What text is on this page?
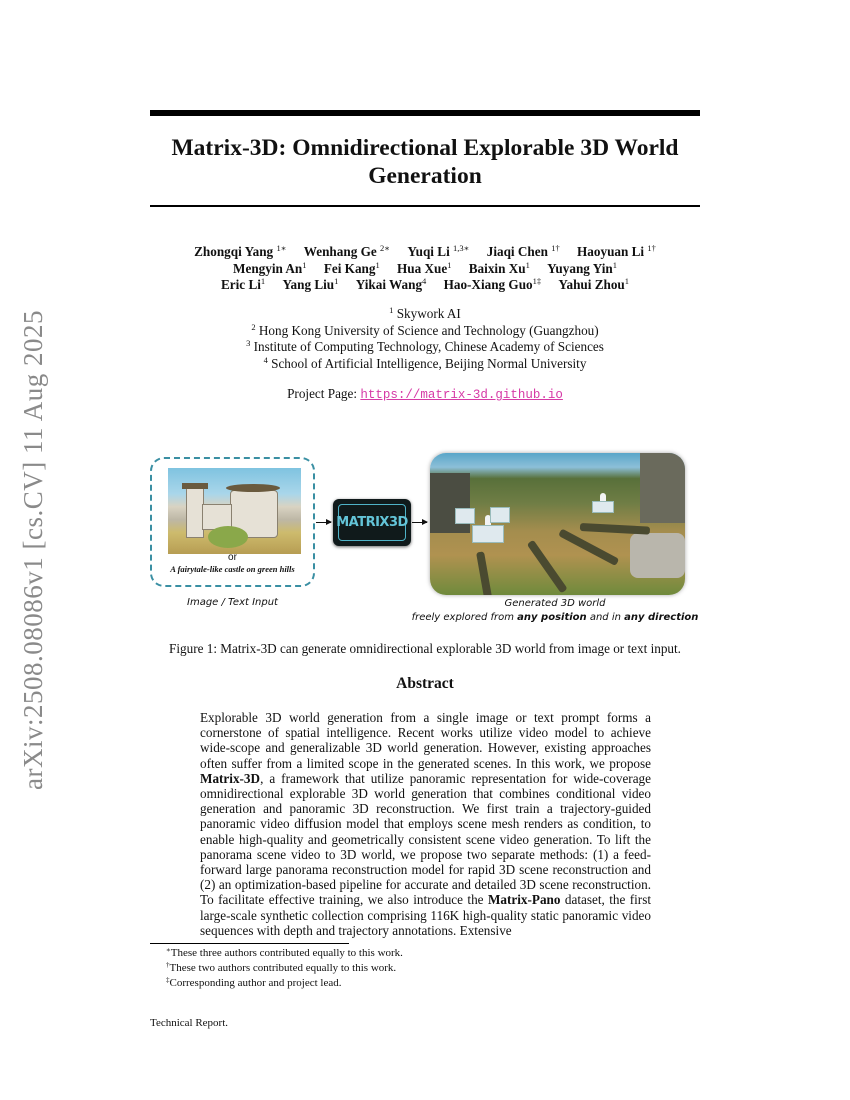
arXiv:2508.08086v1 [cs.CV] 11 Aug 2025
Matrix-3D: Omnidirectional Explorable 3D World Generation
Zhongqi Yang $^{1∗}$ Wenhang Ge $^{2∗}$ Yuqi Li $^{1,3∗}$ Jiaqi Chen $^{1\dagger}$ Haoyuan Li $^{1\dagger}$
Mengyin An$^1$ Fei Kang$^1$ Hua Xue$^1$ Baixin Xu$^1$ Yuyang Yin$^1$
Eric Li$^1$ Yang Liu$^1$ Yikai Wang$^4$ Hao-Xiang Guo$^{1\ddagger}$ Yahui Zhou$^1$
$^1$ Skywork AI
$^2$ Hong Kong University of Science and Technology (Guangzhou)
$^3$ Institute of Computing Technology, Chinese Academy of Sciences
$^4$ School of Artificial Intelligence, Beijing Normal University
Project Page: https://matrix-3d.github.io
or
A fairytale-like castle on green hills
Image / Text Input
MATRIX3D
Generated 3D world
freely explored from any position and in any direction
Figure 1: Matrix-3D can generate omnidirectional explorable 3D world from image or text input.
Abstract
Explorable 3D world generation from a single image or text prompt forms a cornerstone of spatial intelligence. Recent works utilize video model to achieve wide-scope and generalizable 3D world generation. However, existing approaches often suffer from a limited scope in the generated scenes. In this work, we propose Matrix-3D, a framework that utilize panoramic representation for wide-coverage omnidirectional explorable 3D world generation that combines conditional video generation and panoramic 3D reconstruction. We first train a trajectory-guided panoramic video diffusion model that employs scene mesh renders as condition, to enable high-quality and geometrically consistent scene video generation. To lift the panorama scene video to 3D world, we propose two separate methods: (1) a feed-forward large panorama reconstruction model for rapid 3D scene reconstruction and (2) an optimization-based pipeline for accurate and detailed 3D scene reconstruction. To facilitate effective training, we also introduce the Matrix-Pano dataset, the first large-scale synthetic collection comprising 116K high-quality static panoramic video sequences with depth and trajectory annotations. Extensive
∗These three authors contributed equally to this work.
†These two authors contributed equally to this work.
‡Corresponding author and project lead.
Technical Report.
